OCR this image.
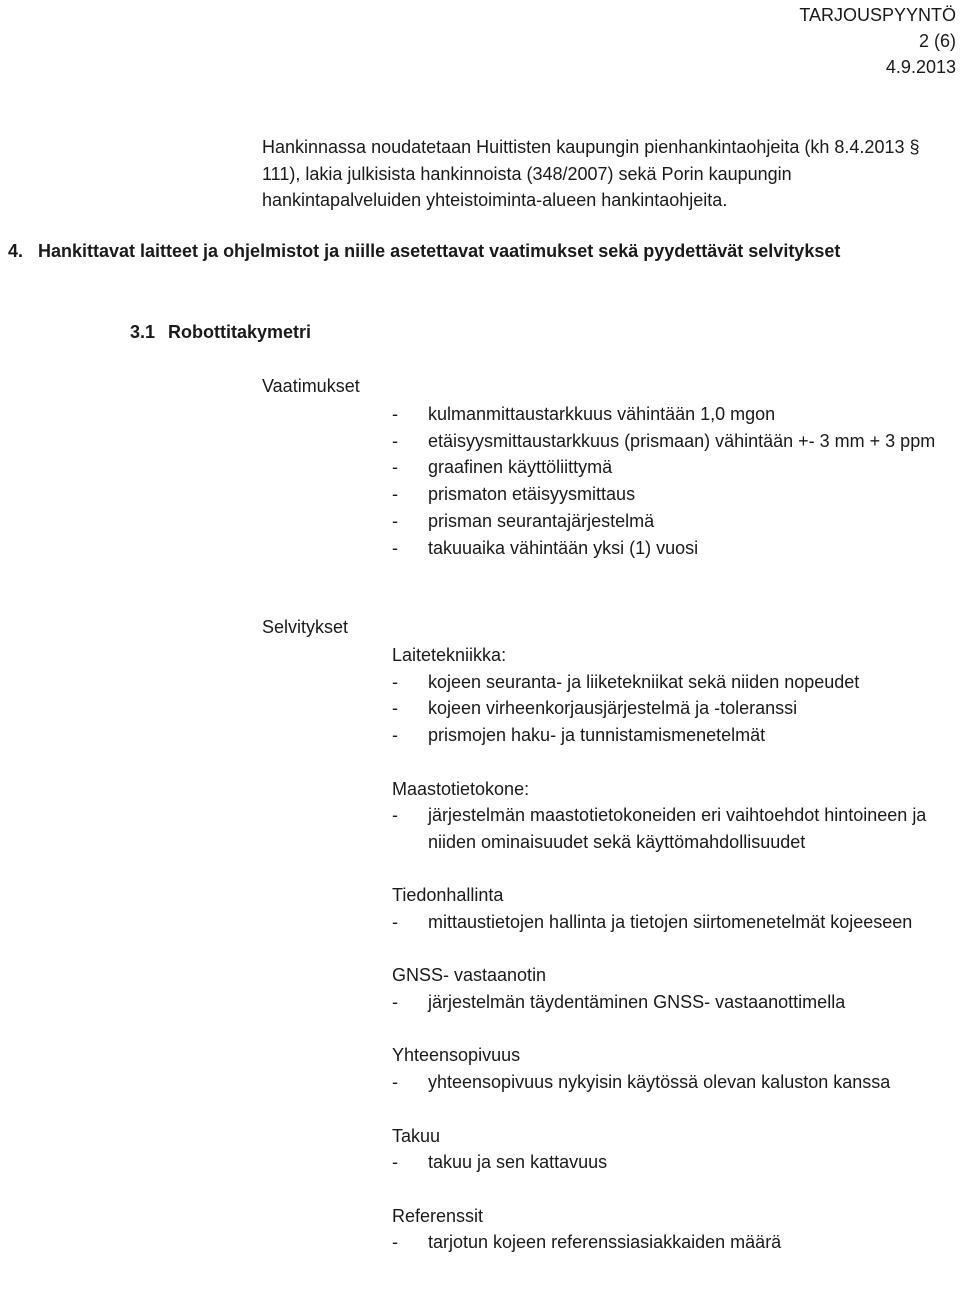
TARJOUSPYYNTÖ
2 (6)
4.9.2013
Hankinnassa noudatetaan Huittisten kaupungin pienhankintaohjeita (kh 8.4.2013 § 111), lakia julkisista hankinnoista (348/2007) sekä Porin kaupungin hankintapalveluiden yhteistoiminta-alueen hankintaohjeita.
4. Hankittavat laitteet ja ohjelmistot ja niille asetettavat vaatimukset sekä pyydettävät selvitykset
3.1 Robottitakymetri
Vaatimukset
-	kulmanmittaustarkkuus vähintään 1,0 mgon
-	etäisyysmittaustarkkuus (prismaan) vähintään +- 3 mm + 3 ppm
-	graafinen käyttöliittymä
-	prismaton etäisyysmittaus
-	prisman seurantajärjestelmä
-	takuuaika vähintään yksi (1) vuosi
Selvitykset
Laitetekniikka:
-	kojeen seuranta- ja liiketekniikat sekä niiden nopeudet
-	kojeen virheenkorjausjärjestelmä ja -toleranssi
-	prismojen haku- ja tunnistamismenetelmät
Maastotietokone:
-	järjestelmän maastotietokoneiden eri vaihtoehdot hintoineen ja niiden ominaisuudet sekä käyttömahdollisuudet
Tiedonhallinta
-	mittaustietojen hallinta ja tietojen siirtomenetelmät kojeeseen
GNSS- vastaanotin
-	järjestelmän täydentäminen GNSS- vastaanottimella
Yhteensopivuus
-	yhteensopivuus nykyisin käytössä olevan kaluston kanssa
Takuu
-	takuu ja sen kattavuus
Referenssit
-	tarjotun kojeen referenssiasiakkaiden määrä
